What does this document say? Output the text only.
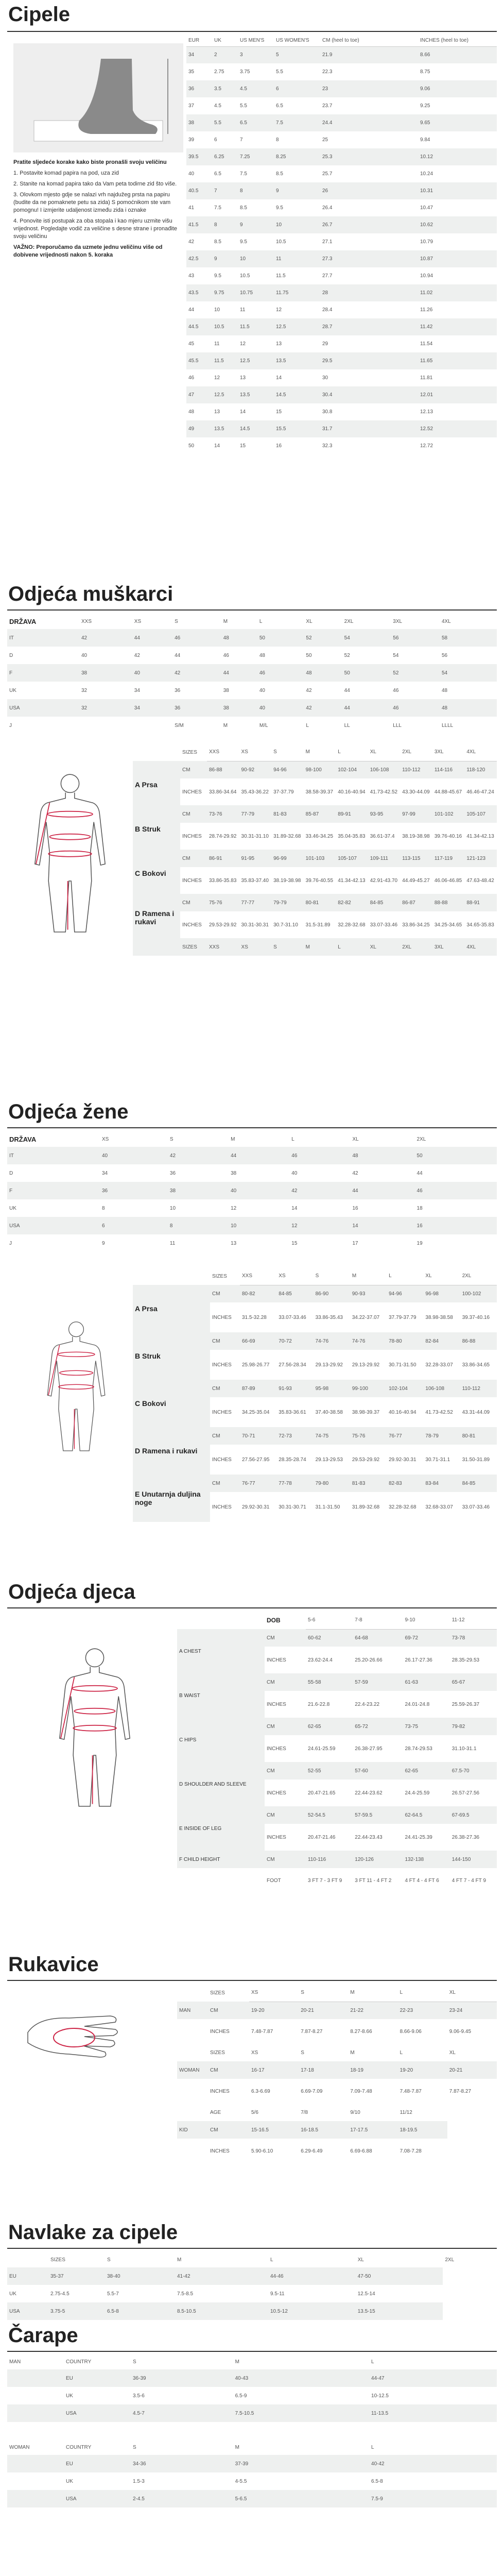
Cipele

Pratite sljedeće korake kako biste pronašli svoju veličinu

1. Postavite komad papira na pod, uza zid

2. Stanite na komad papira tako da Vam peta todirne zid što više.

3. Olovkom mjesto gdje se nalazi vrh najdužeg prsta na papiru (budite da ne pomaknete petu sa zida) S pomoćnikom ste vam pomognu! I izmjerite udaljenost između zida i oznake

4. Ponovite isti postupak za oba stopala i kao mjeru uzmite višu vrijednost. Pogledajte vodič za veličine s desne strane i pronađite svoju veličinu

VAŽNO: Preporučamo da uzmete jednu veličinu više od dobivene vrijednosti nakon 5. koraka

EUR	UK	US MEN'S	US WOMEN'S	CM (heel to toe)	INCHES (heel to toe)
34	2	3	5	21.9	8.66
35	2.75	3.75	5.5	22.3	8.75
36	3.5	4.5	6	23	9.06
37	4.5	5.5	6.5	23.7	9.25
38	5.5	6.5	7.5	24.4	9.65
39	6	7	8	25	9.84
39.5	6.25	7.25	8.25	25.3	10.12
40	6.5	7.5	8.5	25.7	10.24
40.5	7	8	9	26	10.31
41	7.5	8.5	9.5	26.4	10.47
41.5	8	9	10	26.7	10.62
42	8.5	9.5	10.5	27.1	10.79
42.5	9	10	11	27.3	10.87
43	9.5	10.5	11.5	27.7	10.94
43.5	9.75	10.75	11.75	28	11.02
44	10	11	12	28.4	11.26
44.5	10.5	11.5	12.5	28.7	11.42
45	11	12	13	29	11.54
45.5	11.5	12.5	13.5	29.5	11.65
46	12	13	14	30	11.81
47	12.5	13.5	14.5	30.4	12.01
48	13	14	15	30.8	12.13
49	13.5	14.5	15.5	31.7	12.52
50	14	15	16	32.3	12.72
Odjeća muškarci
DRŽAVA	XXS	XS	S	M	L	XL	2XL	3XL	4XL
IT	42	44	46	48	50	52	54	56	58
D	40	42	44	46	48	50	52	54	56
F	38	40	42	44	46	48	50	52	54
UK	32	34	36	38	40	42	44	46	48
USA	32	34	36	38	40	42	44	46	48
J			S/M	M	M/L	L	LL	LLL	LLLL
	SIZES	XXS	XS	S	M	L	XL	2XL	3XL	4XL
A Prsa	CM	86-88	90-92	94-96	98-100	102-104	106-108	110-112	114-116	118-120
	INCHES	33.86-34.64	35.43-36.22	37-37.79	38.58-39.37	40.16-40.94	41.73-42.52	43.30-44.09	44.88-45.67	46.46-47.24
B Struk	CM	73-76	77-79	81-83	85-87	89-91	93-95	97-99	101-102	105-107
	INCHES	28.74-29.92	30.31-31.10	31.89-32.68	33.46-34.25	35.04-35.83	36.61-37.4	38.19-38.98	39.76-40.16	41.34-42.13
C Bokovi	CM	86-91	91-95	96-99	101-103	105-107	109-111	113-115	117-119	121-123
	INCHES	33.86-35.83	35.83-37.40	38.19-38.98	39.76-40.55	41.34-42.13	42.91-43.70	44.49-45.27	46.06-46.85	47.63-48.42
D Ramena i rukavi	CM	75-76	77-77	79-79	80-81	82-82	84-85	86-87	88-88	88-91
	INCHES	29.53-29.92	30.31-30.31	30.7-31.10	31.5-31.89	32.28-32.68	33.07-33.46	33.86-34.25	34.25-34.65	34.65-35.83
	SIZES	XXS	XS	S	M	L	XL	2XL	3XL	4XL
Odjeća žene
DRŽAVA	XS	S	M	L	XL	2XL
IT	40	42	44	46	48	50
D	34	36	38	40	42	44
F	36	38	40	42	44	46
UK	8	10	12	14	16	18
USA	6	8	10	12	14	16
J	9	11	13	15	17	19
	SIZES	XXS	XS	S	M	L	XL	2XL
A Prsa	CM	80-82	84-85	86-90	90-93	94-96	96-98	100-102
	INCHES	31.5-32.28	33.07-33.46	33.86-35.43	34.22-37.07	37.79-37.79	38.98-38.58	39.37-40.16
B Struk	CM	66-69	70-72	74-76	74-76	78-80	82-84	86-88
	INCHES	25.98-26.77	27.56-28.34	29.13-29.92	29.13-29.92	30.71-31.50	32.28-33.07	33.86-34.65
C Bokovi	CM	87-89	91-93	95-98	99-100	102-104	106-108	110-112
	INCHES	34.25-35.04	35.83-36.61	37.40-38.58	38.98-39.37	40.16-40.94	41.73-42.52	43.31-44.09
D Ramena i rukavi	CM	70-71	72-73	74-75	75-76	76-77	78-79	80-81
	INCHES	27.56-27.95	28.35-28.74	29.13-29.53	29.53-29.92	29.92-30.31	30.71-31.1	31.50-31.89
E Unutarnja duljina noge	CM	76-77	77-78	79-80	81-83	82-83	83-84	84-85
	INCHES	29.92-30.31	30.31-30.71	31.1-31.50	31.89-32.68	32.28-32.68	32.68-33.07	33.07-33.46
Odjeća djeca
	DOB	5-6	7-8	9-10	11-12
A CHEST	CM	60-62	64-68	69-72	73-78
	INCHES	23.62-24.4	25.20-26.66	26.17-27.36	28.35-29.53
B WAIST	CM	55-58	57-59	61-63	65-67
	INCHES	21.6-22.8	22.4-23.22	24.01-24.8	25.59-26.37
C HIPS	CM	62-65	65-72	73-75	79-82
	INCHES	24.61-25.59	26.38-27.95	28.74-29.53	31.10-31.1
D SHOULDER AND SLEEVE	CM	52-55	57-60	62-65	67.5-70
	INCHES	20.47-21.65	22.44-23.62	24.4-25.59	26.57-27.56
E INSIDE OF LEG	CM	52-54.5	57-59.5	62-64.5	67-69.5
	INCHES	20.47-21.46	22.44-23.43	24.41-25.39	26.38-27.36
F CHILD HEIGHT	CM	110-116	120-126	132-138	144-150
	FOOT	3 FT 7 - 3 FT 9	3 FT 11 - 4 FT 2	4 FT 4 - 4 FT 6	4 FT 7 - 4 FT 9
Rukavice
	SIZES	XS	S	M	L	XL
MAN	CM	19-20	20-21	21-22	22-23	23-24
	INCHES	7.48-7.87	7.87-8.27	8.27-8.66	8.66-9.06	9.06-9.45
	SIZES	XS	S	M	L	XL
WOMAN	CM	16-17	17-18	18-19	19-20	20-21
	INCHES	6.3-6.69	6.69-7.09	7.09-7.48	7.48-7.87	7.87-8.27
	AGE	5/6	7/8	9/10	11/12	
KID	CM	15-16.5	16-18.5	17-17.5	18-19.5	
	INCHES	5.90-6.10	6.29-6.49	6.69-6.88	7.08-7.28	
Navlake za cipele
	SIZES	S	M	L	XL	2XL
EU	35-37	38-40	41-42	44-46	47-50	
UK	2.75-4.5	5.5-7	7.5-8.5	9.5-11	12.5-14	
USA	3.75-5	6.5-8	8.5-10.5	10.5-12	13.5-15	
Čarape
MAN	COUNTRY	S	M	L
	EU	36-39	40-43	44-47
	UK	3.5-6	6.5-9	10-12.5
	USA	4.5-7	7.5-10.5	11-13.5

WOMAN	COUNTRY	S	M	L
	EU	34-36	37-39	40-42
	UK	1.5-3	4-5.5	6.5-8
	USA	2-4.5	5-6.5	7.5-9
